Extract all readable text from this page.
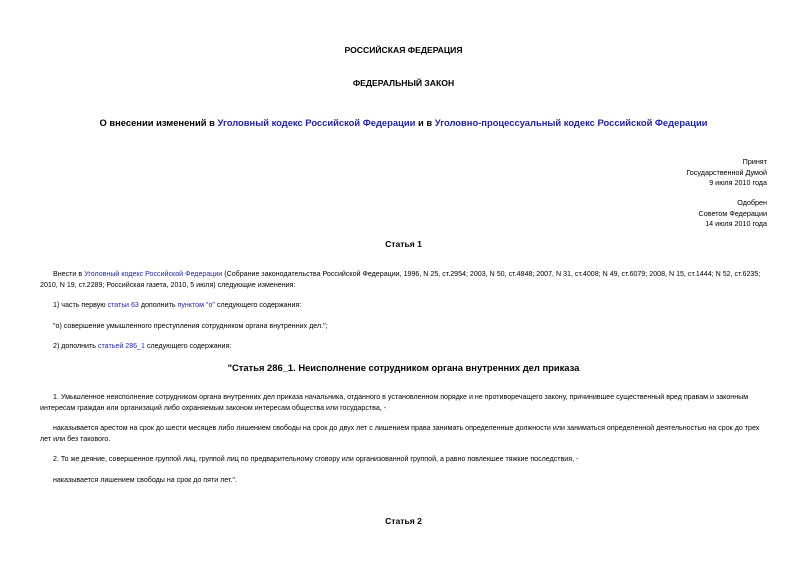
РОССИЙСКАЯ ФЕДЕРАЦИЯ
ФЕДЕРАЛЬНЫЙ ЗАКОН
О внесении изменений в Уголовный кодекс Российской Федерации и в Уголовно-процессуальный кодекс Российской Федерации
Принят
Государственной Думой
9 июля 2010 года
Одобрен
Советом Федерации
14 июля 2010 года
Статья 1
Внести в Уголовный кодекс Российской Федерации (Собрание законодательства Российской Федерации, 1996, N 25, ст.2954; 2003, N 50, ст.4848; 2007, N 31, ст.4008; N 49, ст.6079; 2008, N 15, ст.1444; N 52, ст.6235; 2010, N 19, ст.2289; Российская газета, 2010, 5 июля) следующие изменения:
1) часть первую статьи 63 дополнить пунктом "о" следующего содержания:
"о) совершение умышленного преступления сотрудником органа внутренних дел.";
2) дополнить статьей 286_1 следующего содержания:
"Статья 286_1. Неисполнение сотрудником органа внутренних дел приказа
1. Умышленное неисполнение сотрудником органа внутренних дел приказа начальника, отданного в установленном порядке и не противоречащего закону, причинившее существенный вред правам и законным интересам граждан или организаций либо охраняемым законом интересам общества или государства, -
наказывается арестом на срок до шести месяцев либо лишением свободы на срок до двух лет с лишением права занимать определенные должности или заниматься определенной деятельностью на срок до трех лет или без такового.
2. То же деяние, совершенное группой лиц, группой лиц по предварительному сговору или организованной группой, а равно повлекшее тяжкие последствия, -
наказывается лишением свободы на срок до пяти лет.".
Статья 2
